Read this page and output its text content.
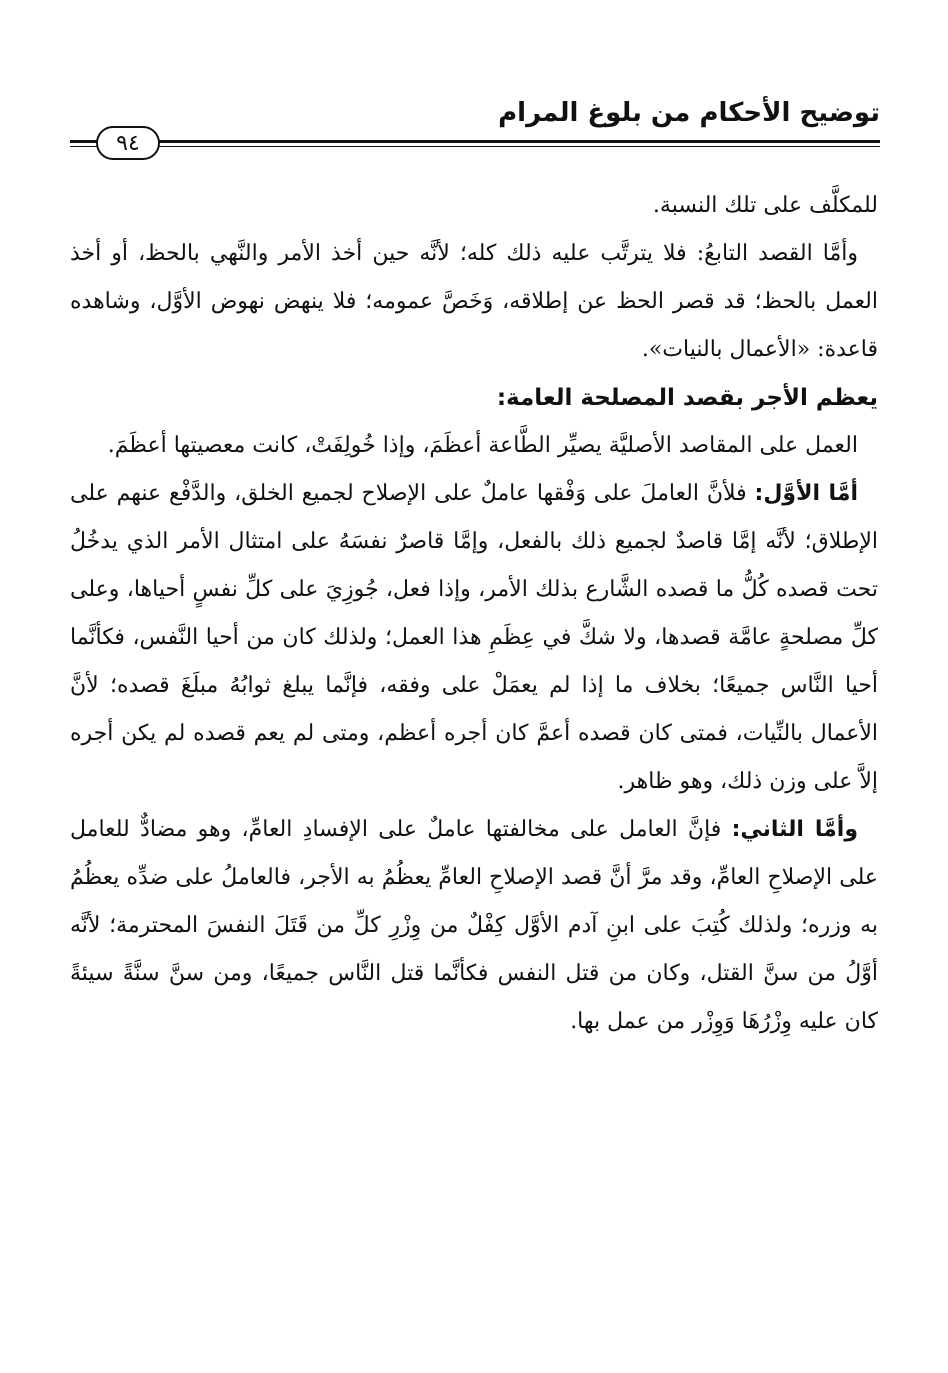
توضيح الأحكام من بلوغ المرام
٩٤

للمكلَّف على تلك النسبة.

وأمَّا القصد التابعُ: فلا يترتَّب عليه ذلك كله؛ لأنَّه حين أخذ الأمر والنَّهي بالحظ، أو أخذ العمل بالحظ؛ قد قصر الحظ عن إطلاقه، وَخَصَّ عمومه؛ فلا ينهض نهوض الأوَّل، وشاهده قاعدة: «الأعمال بالنيات».

يعظم الأجر بقصد المصلحة العامة:

العمل على المقاصد الأصليَّة يصيِّر الطَّاعة أعظَمَ، وإذا خُولِفَتْ، كانت معصيتها أعظَمَ.

أمَّا الأوَّل: فلأنَّ العاملَ على وَفْقها عاملٌ على الإصلاح لجميع الخلق، والدَّفْع عنهم على الإطلاق؛ لأنَّه إمَّا قاصدٌ لجميع ذلك بالفعل، وإمَّا قاصرٌ نفسَهُ على امتثال الأمر الذي يدخُلُ تحت قصده كُلُّ ما قصده الشَّارع بذلك الأمر، وإذا فعل، جُوزِيَ على كلِّ نفسٍ أحياها، وعلى كلِّ مصلحةٍ عامَّة قصدها، ولا شكَّ في عِظَمِ هذا العمل؛ ولذلك كان من أحيا النَّفس، فكأنَّما أحيا النَّاس جميعًا؛ بخلاف ما إذا لم يعمَلْ على وفقه، فإنَّما يبلغ ثوابُهُ مبلَغَ قصده؛ لأنَّ الأعمال بالنِّيات، فمتى كان قصده أعمَّ كان أجره أعظم، ومتى لم يعم قصده لم يكن أجره إلاَّ على وزن ذلك، وهو ظاهر.

وأمَّا الثاني: فإنَّ العامل على مخالفتها عاملٌ على الإفسادِ العامِّ، وهو مضادٌّ للعامل على الإصلاحِ العامِّ، وقد مرَّ أنَّ قصد الإصلاحِ العامِّ يعظُمُ به الأجر، فالعاملُ على ضدِّه يعظُمُ به وزره؛ ولذلك كُتِبَ على ابنِ آدم الأوَّل كِفْلٌ من وِزْرِ كلِّ من قَتَلَ النفسَ المحترمة؛ لأنَّه أوَّلُ من سنَّ القتل، وكان من قتل النفس فكأنَّما قتل النَّاس جميعًا، ومن سنَّ سنَّةً سيئةً كان عليه وِزْرُهَا وَوِزْر من عمل بها.
